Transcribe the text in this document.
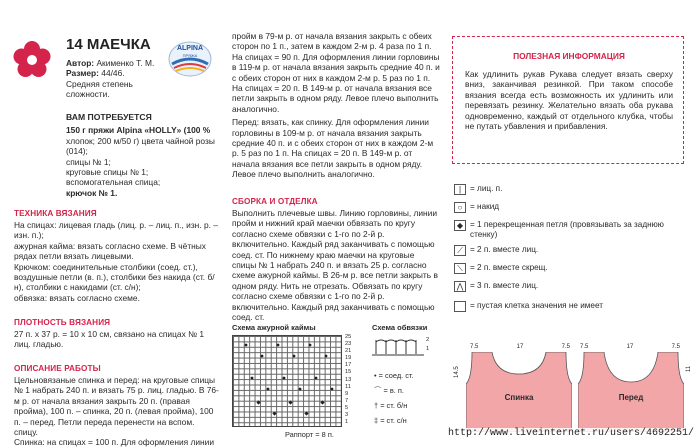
14 МАЕЧКА

Автор: Акименко Т. М.

Размер: 44/46.

Средняя степень сложности.

ALPINA
ПРЯЖА

ВАМ ПОТРЕБУЕТСЯ

150 г пряжи Alpina «HOLLY» (100 %

хлопок; 200 м/50 г) цвета чайной розы

(014);

спицы № 1;

круговые спицы № 1;

вспомогательная спица;

крючок № 1.

ТЕХНИКА ВЯЗАНИЯ

На спицах: лицевая гладь (лиц. р. – лиц. п., изн. р. – изн. п.);

ажурная кайма: вязать согласно схеме. В чётных рядах петли вязать лицевыми.

Крючком: соединительные столбики (соед. ст.), воздушные петли (в. п.), столбики без накида (ст. б/н), столбики с накидами (ст. с/н);

обвязка: вязать согласно схеме.

ПЛОТНОСТЬ ВЯЗАНИЯ
27 п. х 37 р. = 10 х 10 см, связано на спицах № 1 лиц. гладью.
ОПИСАНИЕ РАБОТЫ

Цельновязаные спинка и перед: на круговые спицы № 1 набрать 240 п. и вязать 75 р. лиц. гладью. В 76-м р. от начала вязания закрыть 20 п. (правая пройма), 100 п. – спинка, 20 п. (левая пройма), 100 п. – перед. Петли переда перенести на вспом. спицу.

Спинка: на спицах = 100 п. Для оформления линии

пройм в 79-м р. от начала вязания закрыть с обеих сторон по 1 п., затем в каждом 2-м р. 4 раза по 1 п. На спицах = 90 п. Для оформления линии горловины в 119-м р. от начала вязания закрыть средние 40 п. и с обеих сторон от них в каждом 2-м р. 5 раз по 1 п. На спицах = 20 п. В 149-м р. от начала вязания все петли закрыть в одном ряду. Левое плечо выполнить аналогично.

Перед: вязать, как спинку. Для оформления линии горловины в 109-м р. от начала вязания закрыть средние 40 п. и с обеих сторон от них в каждом 2-м р. 5 раз по 1 п. На спицах = 20 п. В 149-м р. от начала вязания все петли закрыть в одном ряду. Левое плечо выполнить аналогично.

СБОРКА И ОТДЕЛКА
Выполнить плечевые швы. Линию горловины, линии пройм и нижний край маечки обвязать по кругу согласно схеме обвязки с 1-го по 2-й р. включительно. Каждый ряд заканчивать с помощью соед. ст. По нижнему краю маечки на круговые спицы № 1 набрать 240 п. и вязать 25 р. согласно схеме ажурной каймы. В 26-м р. все петли закрыть в одном ряду. Нить не отрезать. Обвязать по кругу согласно схеме обвязки с 1-го по 2-й р. включительно. Каждый ряд заканчивать с помощью соед. ст.
Схема ажурной каймы	Схема обвязки
25
23
21
19
17
15
13
11
9
7
5
3
1
Раппорт = 8 п.
2
1
• = соед. ст.
⌒ = в. п.
† = ст. б/н
‡ = ст. с/н
ПОЛЕЗНАЯ ИНФОРМАЦИЯ
Как удлинить рукав Рукава следует вязать сверху вниз, заканчивая резинкой. При таком способе вязания всегда есть возможность их удлинить или перевязать резинку. Желательно вязать оба рукава одновременно, каждый от отдельного клубка, чтобы не путать убавления и прибавления.
|	= лиц. п.
○ = накид
◆ = 1 перекрещенная петля (провязывать за заднюю стенку)
⟋ = 2 п. вместе лиц.
⟍ = 2 п. вместе скрещ.
⋀ = 3 п. вместе лиц.
= пустая клетка значения не имеет
7.5	17	7.5 7.5	17	7.5
Спинка	Перед
14.5	11
http://www.liveinternet.ru/users/4692251/
